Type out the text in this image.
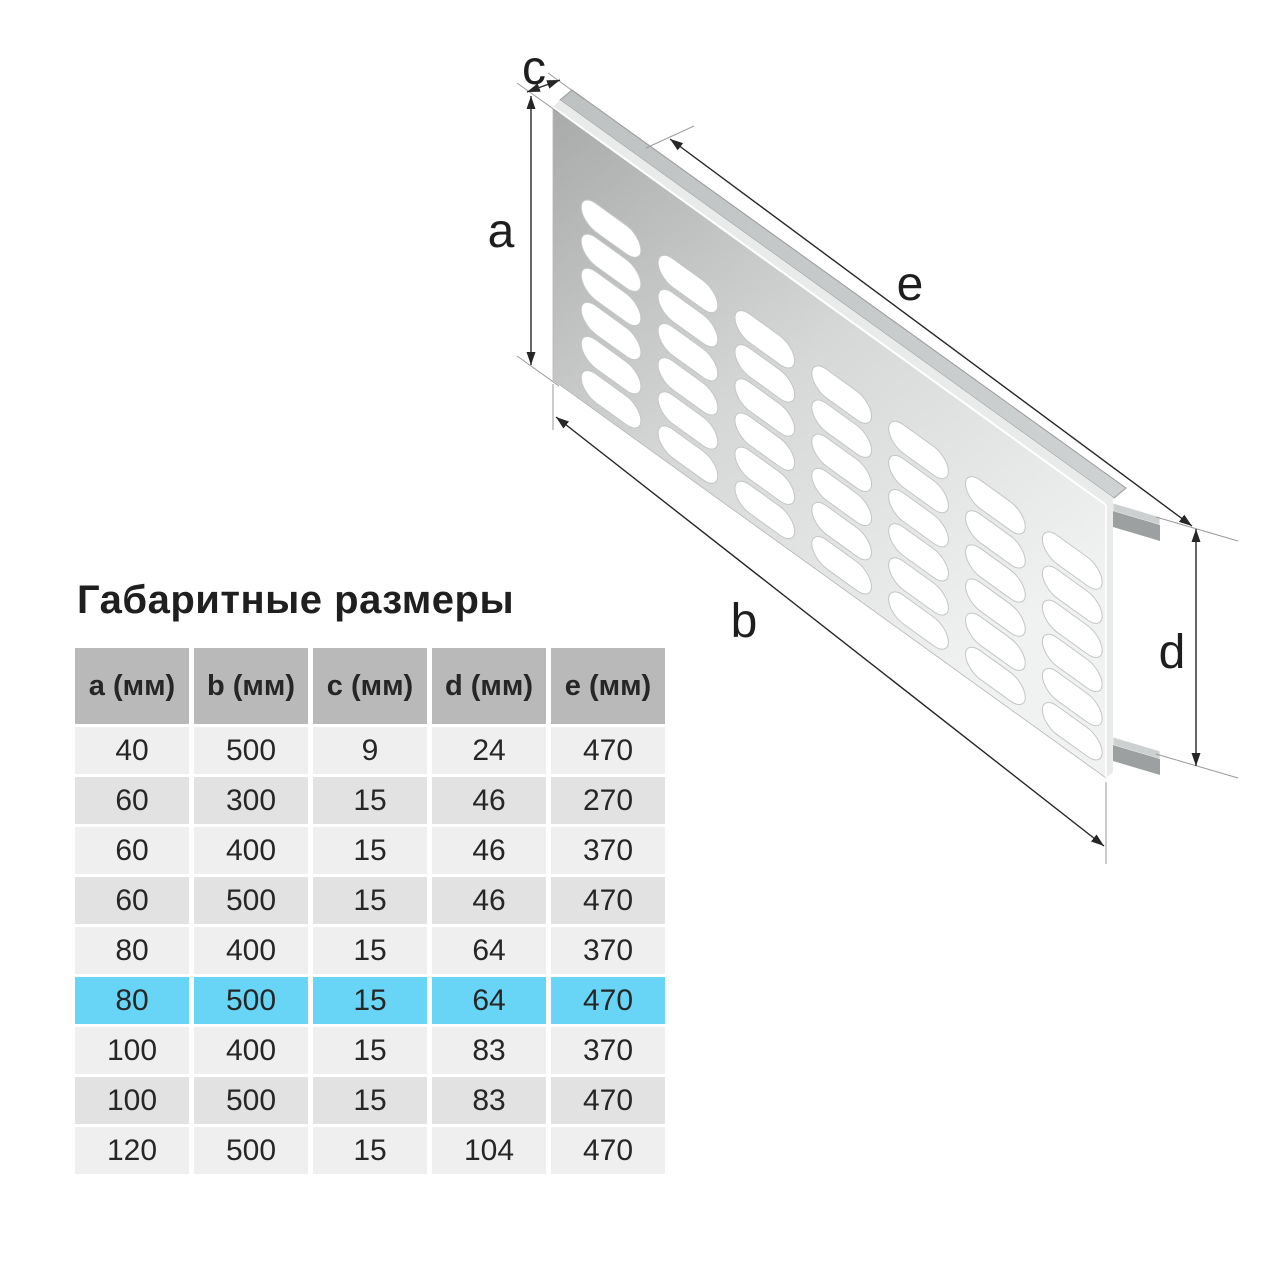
a
c
e
b
d
Габаритные размеры
a (мм)	b (мм)	c (мм)	d (мм)	e (мм)
40	500	9	24	470
60	300	15	46	270
60	400	15	46	370
60	500	15	46	470
80	400	15	64	370
80	500	15	64	470
100	400	15	83	370
100	500	15	83	470
120	500	15	104	470
